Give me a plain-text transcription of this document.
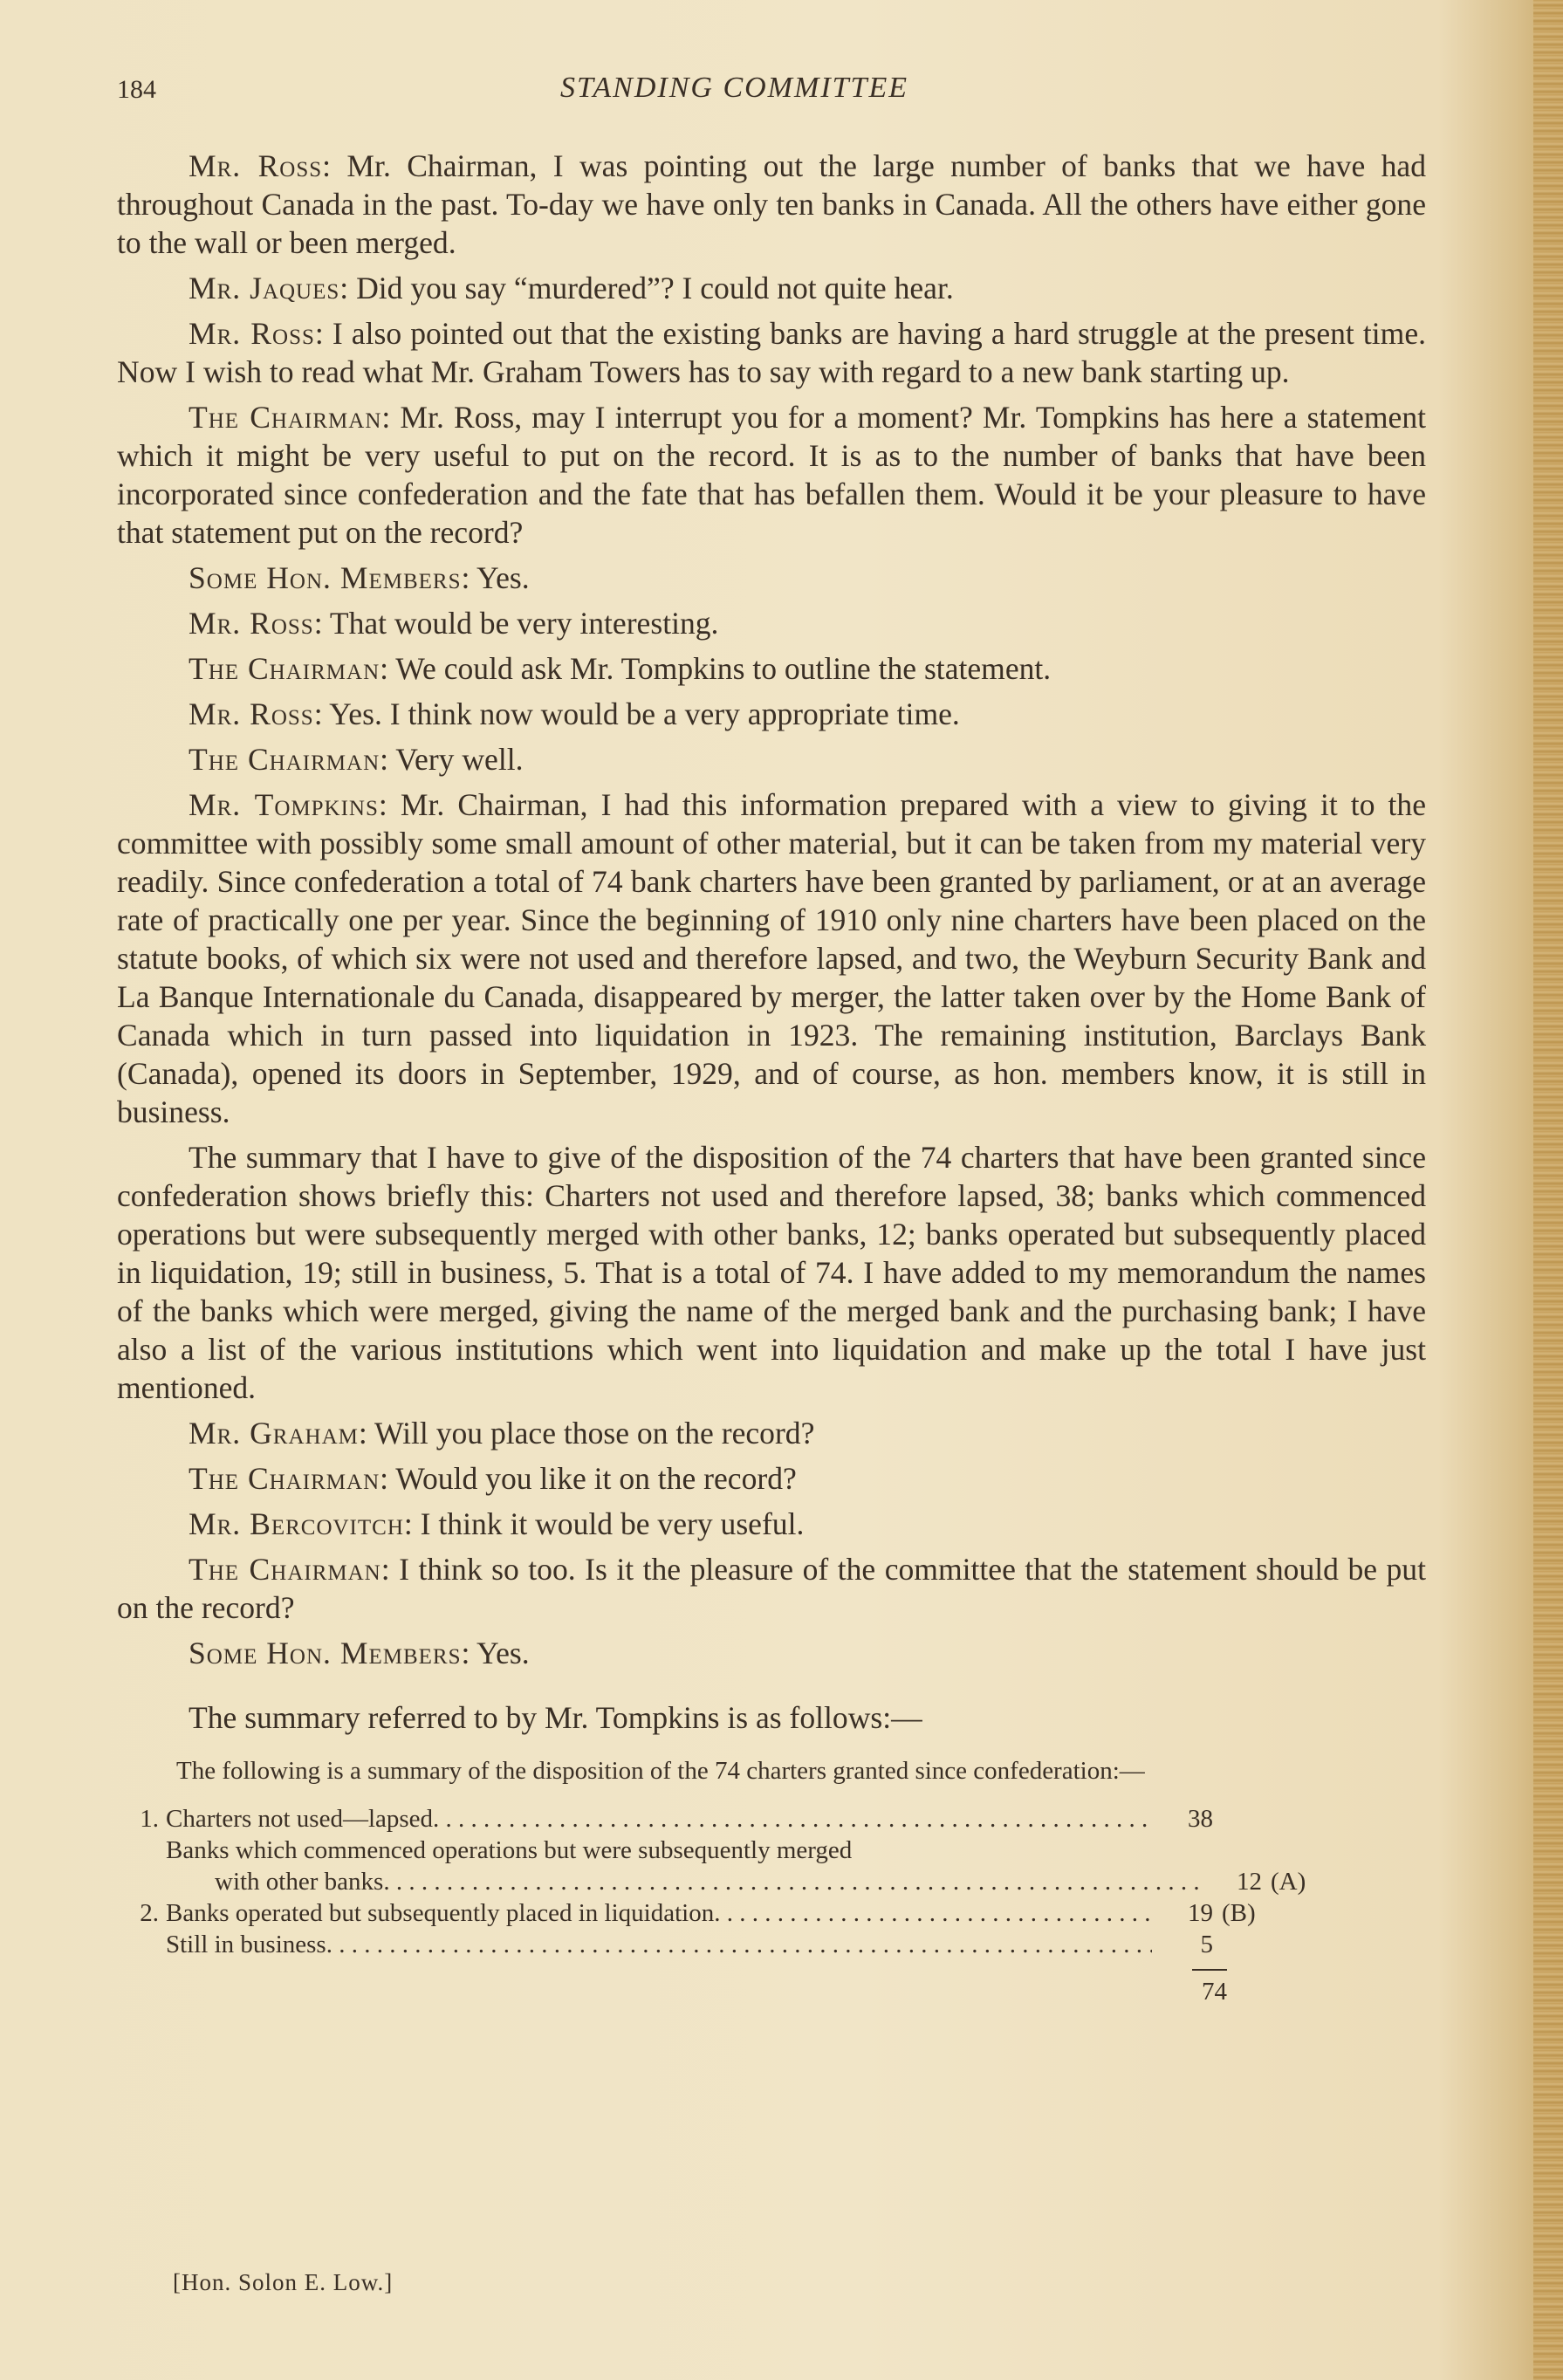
184	STANDING COMMITTEE

Mr. Ross: Mr. Chairman, I was pointing out the large number of banks that we have had throughout Canada in the past. To-day we have only ten banks in Canada. All the others have either gone to the wall or been merged.

Mr. Jaques: Did you say “murdered”? I could not quite hear.

Mr. Ross: I also pointed out that the existing banks are having a hard struggle at the present time. Now I wish to read what Mr. Graham Towers has to say with regard to a new bank starting up.

The Chairman: Mr. Ross, may I interrupt you for a moment? Mr. Tompkins has here a statement which it might be very useful to put on the record. It is as to the number of banks that have been incorporated since confederation and the fate that has befallen them. Would it be your pleasure to have that statement put on the record?

Some Hon. Members: Yes.

Mr. Ross: That would be very interesting.

The Chairman: We could ask Mr. Tompkins to outline the statement.

Mr. Ross: Yes. I think now would be a very appropriate time.

The Chairman: Very well.

Mr. Tompkins: Mr. Chairman, I had this information prepared with a view to giving it to the committee with possibly some small amount of other material, but it can be taken from my material very readily. Since confederation a total of 74 bank charters have been granted by parliament, or at an average rate of practically one per year. Since the beginning of 1910 only nine charters have been placed on the statute books, of which six were not used and therefore lapsed, and two, the Weyburn Security Bank and La Banque Internationale du Canada, disappeared by merger, the latter taken over by the Home Bank of Canada which in turn passed into liquidation in 1923. The remaining institution, Barclays Bank (Canada), opened its doors in September, 1929, and of course, as hon. members know, it is still in business.

The summary that I have to give of the disposition of the 74 charters that have been granted since confederation shows briefly this: Charters not used and therefore lapsed, 38; banks which commenced operations but were subsequently merged with other banks, 12; banks operated but subsequently placed in liquidation, 19; still in business, 5. That is a total of 74. I have added to my memorandum the names of the banks which were merged, giving the name of the merged bank and the purchasing bank; I have also a list of the various institutions which went into liquidation and make up the total I have just mentioned.

Mr. Graham: Will you place those on the record?

The Chairman: Would you like it on the record?

Mr. Bercovitch: I think it would be very useful.

The Chairman: I think so too. Is it the pleasure of the committee that the statement should be put on the record?

Some Hon. Members: Yes.

The summary referred to by Mr. Tompkins is as follows:—

The following is a summary of the disposition of the 74 charters granted since confederation:—

1. Charters not used—lapsed . . .	38
Banks which commenced operations but were subsequently merged
with other banks . . .	12 (A)
2. Banks operated but subsequently placed in liquidation . . .	19 (B)
Still in business . . .	5
74
[Hon. Solon E. Low.]
